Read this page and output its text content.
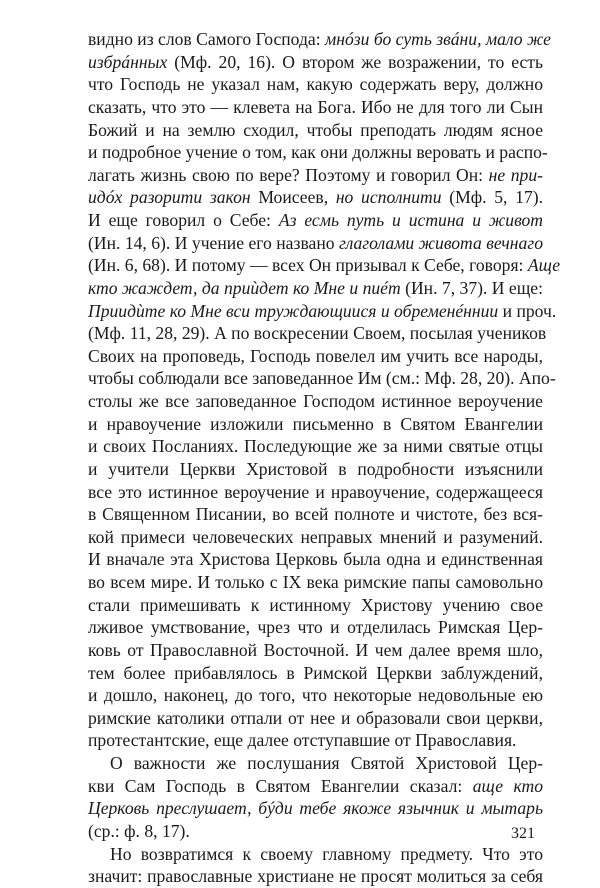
видно из слов Самого Господа: мнóзи бо суть звáни, мало же
избрáнных (Мф. 20, 16). О втором же возражении, то есть
что Господь не указал нам, какую содержать веру, должно
сказать, что это — клевета на Бога. Ибо не для того ли Сын
Божий и на землю сходил, чтобы преподать людям ясное
и подробное учение о том, как они должны веровать и распо-
лагать жизнь свою по вере? Поэтому и говорил Он: не при-
идóх разорити закон Моисеев, но исполнити (Мф. 5, 17).
И еще говорил о Себе: Аз есмь путь и истина и живот
(Ин. 14, 6). И учение его названо глаголами живота вечнаго
(Ин. 6, 68). И потому — всех Он призывал к Себе, говоря: Аще
кто жаждет, да приѝдет ко Мне и пиéт (Ин. 7, 37). И еще:
Приидѝте ко Мне вси труждающиися и обременéннии и проч.
(Мф. 11, 28, 29). А по воскресении Своем, посылая учеников
Своих на проповедь, Господь повелел им учить все народы,
чтобы соблюдали все заповеданное Им (см.: Мф. 28, 20). Апо-
столы же все заповеданное Господом истинное вероучение
и нравоучение изложили письменно в Святом Евангелии
и своих Посланиях. Последующие же за ними святые отцы
и учители Церкви Христовой в подробности изъяснили
все это истинное вероучение и нравоучение, содержащееся
в Священном Писании, во всей полноте и чистоте, без вся-
кой примеси человеческих неправых мнений и разумений.
И вначале эта Христова Церковь была одна и единственная
во всем мире. И только с IX века римские папы самовольно
стали примешивать к истинному Христову учению свое
лживое умствование, чрез что и отделилась Римская Цер-
ковь от Православной Восточной. И чем далее время шло,
тем более прибавлялось в Римской Церкви заблуждений,
и дошло, наконец, до того, что некоторые недовольные ею
римские католики отпали от нее и образовали свои церкви,
протестантские, еще далее отступавшие от Православия.
О важности же послушания Святой Христовой Цер-
кви Сам Господь в Святом Евангелии сказал: аще кто
Церковь преслушает, бýди тебе якоже язычник и мытарь
(ср.: ф. 8, 17).
Но возвратимся к своему главному предмету. Что это
значит: православные христиане не просят молиться за себя
321
